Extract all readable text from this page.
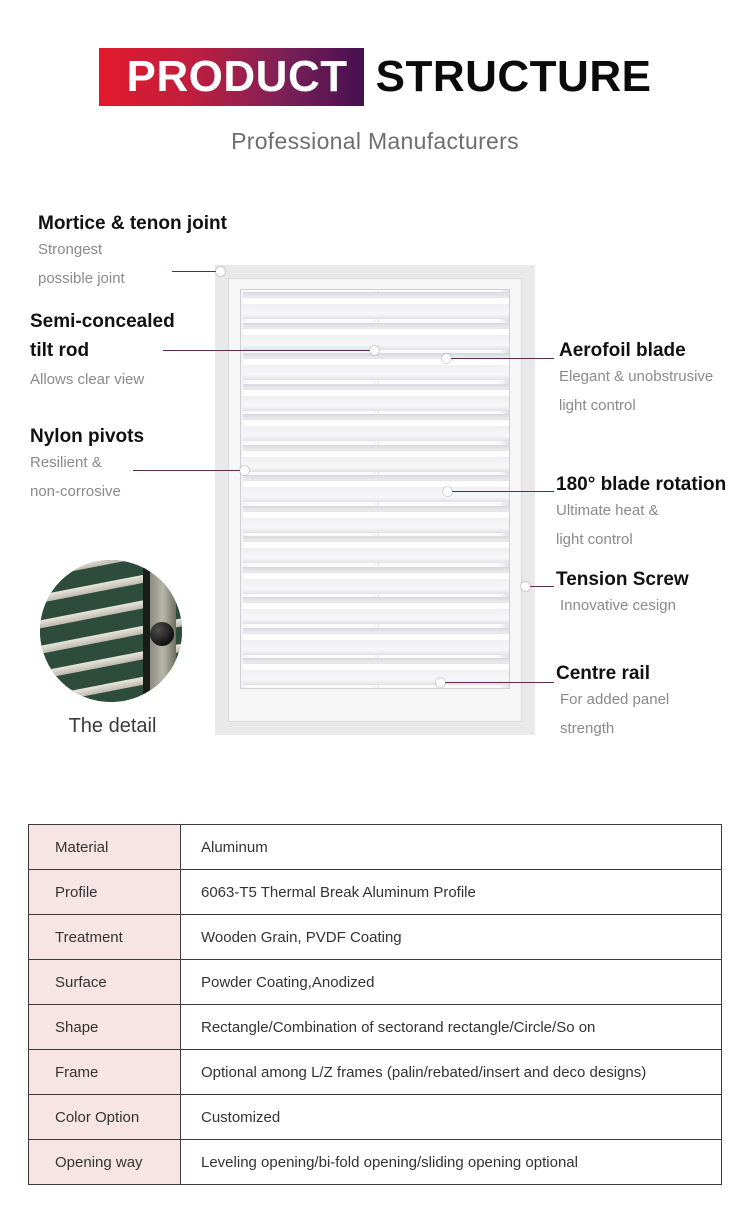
PRODUCT STRUCTURE
Professional Manufacturers
The detail
Mortice & tenon joint
Strongest
possible joint
Semi-concealed
tilt rod
Allows clear view
Nylon pivots
Resilient &
non-corrosive
Aerofoil blade
Elegant & unobstrusive
light control
180° blade rotation
Ultimate heat &
light control
Tension Screw
Innovative cesign
Centre rail
For added panel
strength
Material	Aluminum
Profile	6063-T5 Thermal Break Aluminum Profile
Treatment	Wooden Grain, PVDF Coating
Surface	Powder Coating,Anodized
Shape	Rectangle/Combination of sectorand rectangle/Circle/So on
Frame	Optional among L/Z frames (palin/rebated/insert and deco designs)
Color Option	Customized
Opening way	Leveling opening/bi-fold opening/sliding opening optional
